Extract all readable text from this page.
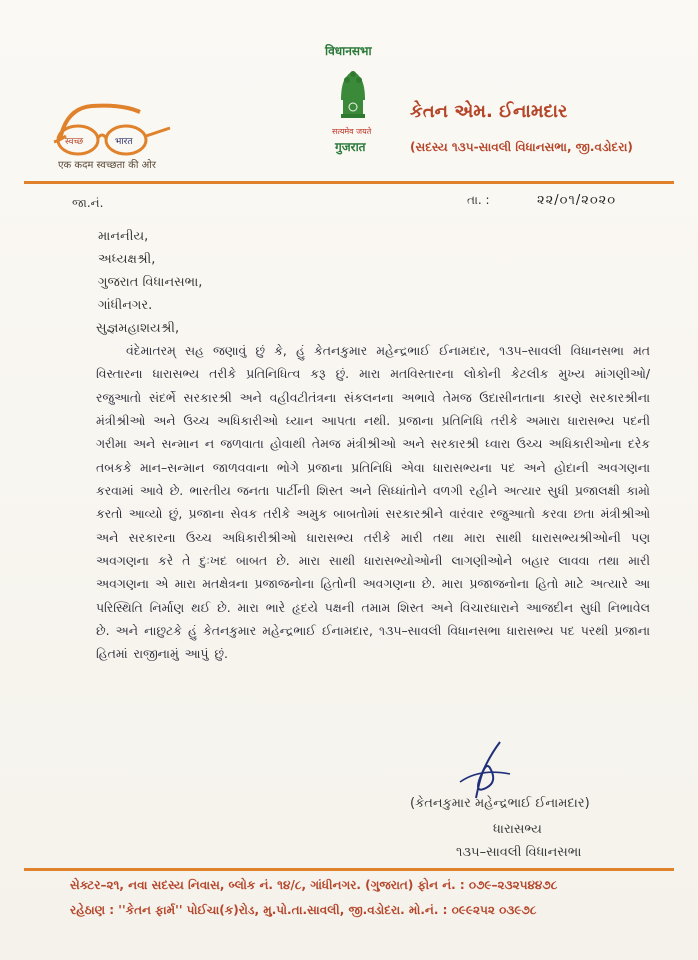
स्वच्छ	भारत
एक कदम स्वच्छता की ओर
विधानसभा
सत्यमेव जयते
गुजरात
કેતન એમ. ઈનામદાર
(સદસ્ય ૧૩૫-સાવલી વિધાનસભા, જી.વડોદરા)
જા.નં.	તા. :	૨૨/૦૧/૨૦૨૦
માનનીય,
અધ્યક્ષશ્રી,
ગુજરાત વિધાનસભા,
ગાંધીનગર.
સુજ્ઞમહાશયશ્રી,
વંદેમાતરમ્ સહ જણાવું છું કે, હું કેતનકુમાર મહેન્દ્રભાઈ ઈનામદાર, ૧૩૫–સાવલી વિધાનસભા મત વિસ્તારના ધારાસભ્ય તરીકે પ્રતિનિધિત્વ કરૂ છું. મારા મતવિસ્તારના લોકોની કેટલીક મુખ્ય માંગણીઓ/રજુઆતો સંદર્ભે સરકારશ્રી અને વહીવટીતંત્રના સંકલનના અભાવે તેમજ ઉદાસીનતાના કારણે સરકારશ્રીના મંત્રીશ્રીઓ અને ઉચ્ચ અધિકારીઓ ધ્યાન આપતા નથી. પ્રજાના પ્રતિનિધિ તરીકે અમારા ધારાસભ્ય પદની ગરીમા અને સન્માન ન જળવાતા હોવાથી તેમજ મંત્રીશ્રીઓ અને સરકારશ્રી ધ્વારા ઉચ્ચ અધિકારીઓના દરેક તબકકે માન–સન્માન જાળવવાના ભોગે પ્રજાના પ્રતિનિધિ એવા ધારાસભ્યના પદ અને હોદાની અવગણના કરવામાં આવે છે. ભારતીય જનતા પાર્ટીની શિસ્ત અને સિધ્ધાંતોને વળગી રહીને અત્યાર સુધી પ્રજાલક્ષી કામો કરતો આવ્યો છું, પ્રજાના સેવક તરીકે અમુક બાબતોમાં સરકારશ્રીને વારંવાર રજુઆતો કરવા છતા મંત્રીશ્રીઓ અને સરકારના ઉચ્ચ અધિકારીશ્રીઓ ધારાસભ્ય તરીકે મારી તથા મારા સાથી ધારાસભ્યશ્રીઓની પણ અવગણના કરે તે દુઃખદ બાબત છે. મારા સાથી ધારાસભ્યોઓની લાગણીઓને બહાર લાવવા તથા મારી અવગણના એ મારા મતક્ષેત્રના પ્રજાજનોના હિતોની અવગણના છે. મારા પ્રજાજનોના હિતો માટે અત્યારે આ પરિસ્થિતિ નિર્માણ થઈ છે. મારા ભારે હૃદયે પક્ષની તમામ શિસ્ત અને વિચારધારાને આજદીન સુધી નિભાવેલ છે. અને નાછુટકે હું કેતનકુમાર મહેન્દ્રભાઈ ઈનામદાર, ૧૩૫–સાવલી વિધાનસભા ધારાસભ્ય પદ પરથી પ્રજાના હિતમાં રાજીનામું આપું છું.
(કેતનકુમાર મહેન્દ્રભાઈ ઈનામદાર)
ધારાસભ્ય
૧૩૫–સાવલી વિધાનસભા
સેક્ટર–૨૧, નવા સદસ્ય નિવાસ, બ્લોક નં. ૧૪/૮, ગાંધીનગર. (ગુજરાત) ફોન નં. : ૦૭૯–૨૩૨૫૪૪૭૮
રહેઠાણ : ''કેતન ફાર્મ'' પોઈચા(ક)રોડ, મુ.પો.તા.સાવલી, જી.વડોદરા. મો.નં. : ૦૯૯૨૫૨ ૦૩૯૭૮
